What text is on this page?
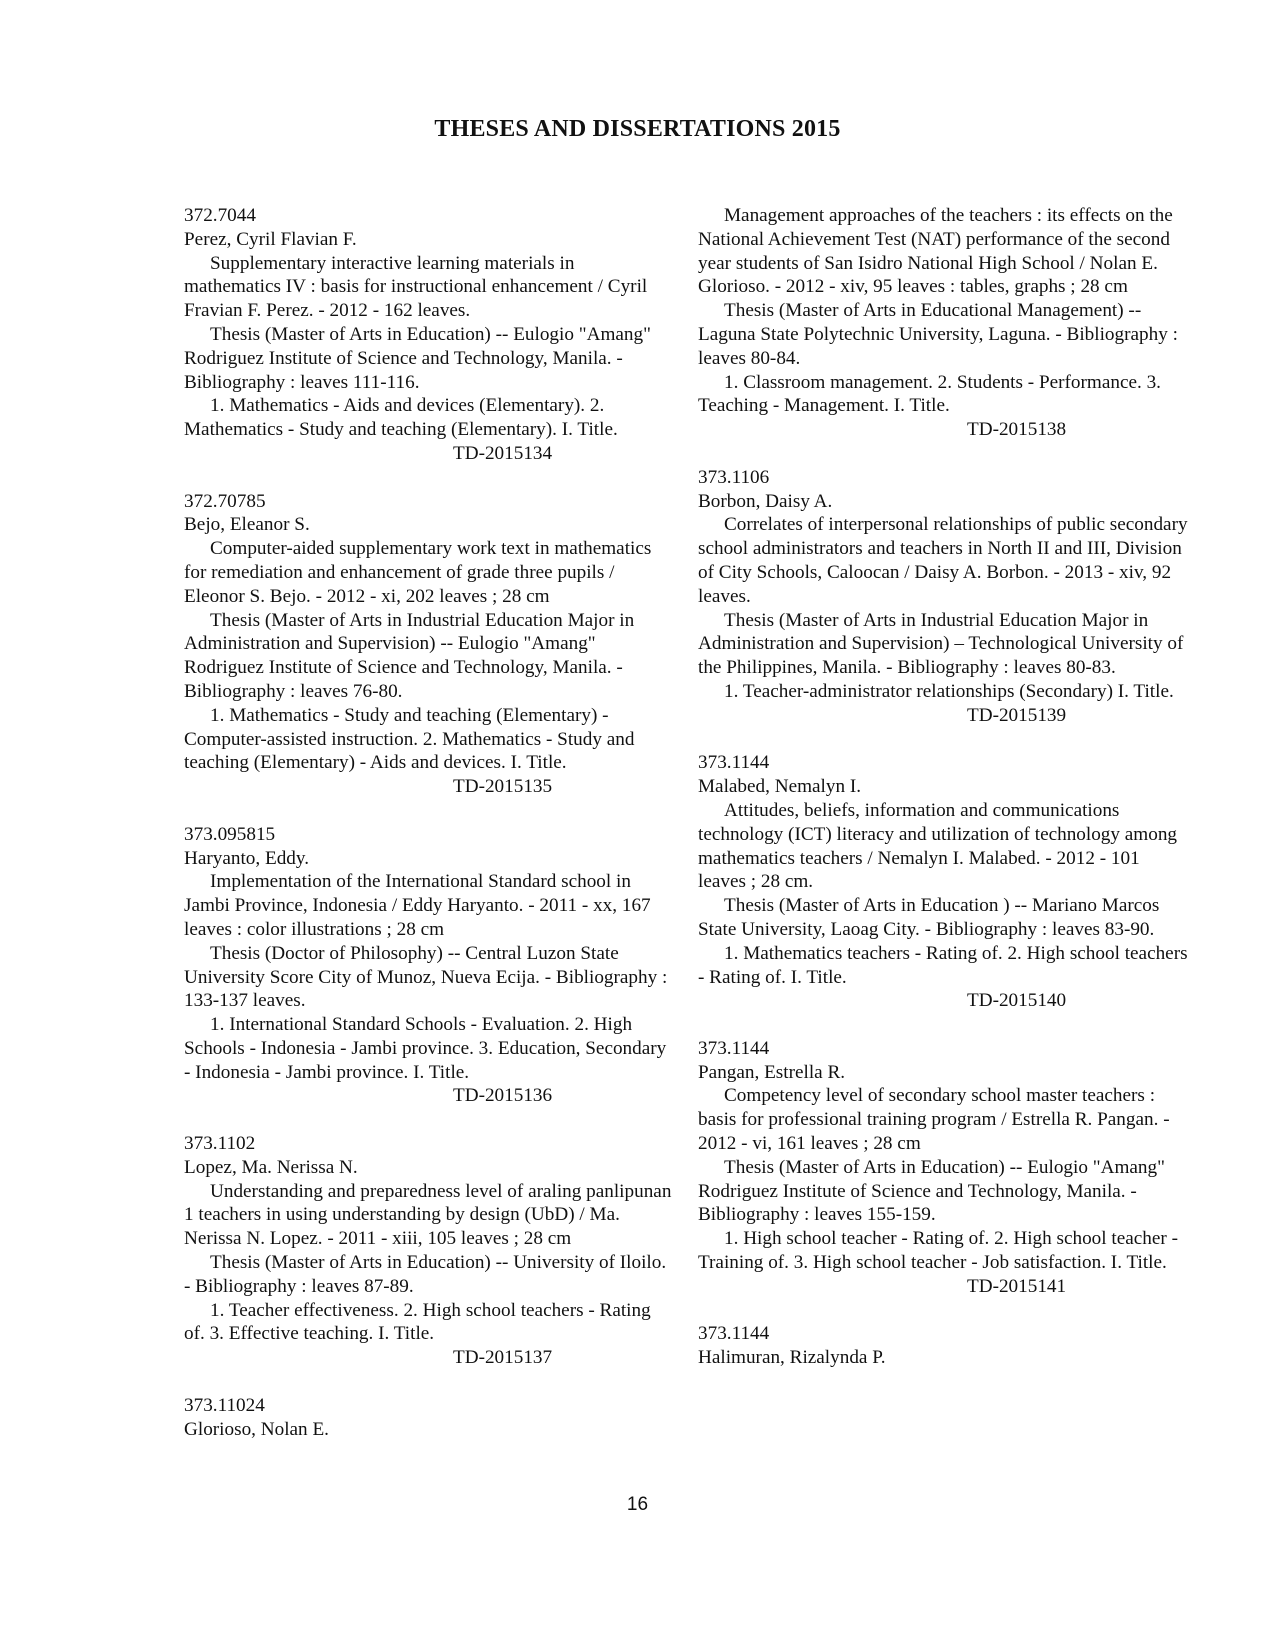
THESES AND DISSERTATIONS 2015

372.7044

Perez, Cyril Flavian F.

Supplementary interactive learning materials in mathematics IV : basis for instructional enhancement / Cyril Fravian F. Perez. - 2012 - 162 leaves.

Thesis (Master of Arts in Education) -- Eulogio "Amang" Rodriguez Institute of Science and Technology, Manila. - Bibliography : leaves 111-116.

1. Mathematics - Aids and devices (Elementary). 2. Mathematics - Study and teaching (Elementary). I. Title.

TD-2015134

372.70785

Bejo, Eleanor S.

Computer-aided supplementary work text in mathematics for remediation and enhancement of grade three pupils / Eleonor S. Bejo. - 2012 - xi, 202 leaves ; 28 cm

Thesis (Master of Arts in Industrial Education Major in Administration and Supervision) -- Eulogio "Amang" Rodriguez Institute of Science and Technology, Manila. - Bibliography : leaves 76-80.

1. Mathematics - Study and teaching (Elementary) - Computer-assisted instruction. 2. Mathematics - Study and teaching (Elementary) - Aids and devices. I. Title.

TD-2015135

373.095815

Haryanto, Eddy.

Implementation of the International Standard school in Jambi Province, Indonesia / Eddy Haryanto. - 2011 - xx, 167 leaves : color illustrations ; 28 cm

Thesis (Doctor of Philosophy) -- Central Luzon State University Score City of Munoz, Nueva Ecija. - Bibliography : 133-137 leaves.

1. International Standard Schools - Evaluation. 2. High Schools - Indonesia - Jambi province. 3. Education, Secondary - Indonesia - Jambi province. I. Title.

TD-2015136

373.1102

Lopez, Ma. Nerissa N.

Understanding and preparedness level of araling panlipunan 1 teachers in using understanding by design (UbD) / Ma. Nerissa N. Lopez. - 2011 - xiii, 105 leaves ; 28 cm

Thesis (Master of Arts in Education) -- University of Iloilo. - Bibliography : leaves 87-89.

1. Teacher effectiveness. 2. High school teachers - Rating of. 3. Effective teaching. I. Title.

TD-2015137

373.11024

Glorioso, Nolan E.

Management approaches of the teachers : its effects on the National Achievement Test (NAT) performance of the second year students of San Isidro National High School / Nolan E. Glorioso. - 2012 - xiv, 95 leaves : tables, graphs ; 28 cm

Thesis (Master of Arts in Educational Management) -- Laguna State Polytechnic University, Laguna. - Bibliography : leaves 80-84.

1. Classroom management. 2. Students - Performance. 3. Teaching - Management. I. Title.

TD-2015138

373.1106

Borbon, Daisy A.

Correlates of interpersonal relationships of public secondary school administrators and teachers in North II and III, Division of City Schools, Caloocan / Daisy A. Borbon. - 2013 - xiv, 92 leaves.

Thesis (Master of Arts in Industrial Education Major in Administration and Supervision) – Technological University of the Philippines, Manila. - Bibliography : leaves 80-83.

1. Teacher-administrator relationships (Secondary) I. Title.

TD-2015139

373.1144

Malabed, Nemalyn I.

Attitudes, beliefs, information and communications technology (ICT) literacy and utilization of technology among mathematics teachers / Nemalyn I. Malabed. - 2012 - 101 leaves ; 28 cm.

Thesis (Master of Arts in Education ) -- Mariano Marcos State University, Laoag City. - Bibliography : leaves 83-90.

1. Mathematics teachers - Rating of. 2. High school teachers - Rating of. I. Title.

TD-2015140

373.1144

Pangan, Estrella R.

Competency level of secondary school master teachers : basis for professional training program / Estrella R. Pangan. - 2012 - vi, 161 leaves ; 28 cm

Thesis (Master of Arts in Education) -- Eulogio "Amang" Rodriguez Institute of Science and Technology, Manila. - Bibliography : leaves 155-159.

1. High school teacher - Rating of. 2. High school teacher - Training of. 3. High school teacher - Job satisfaction. I. Title.

TD-2015141

373.1144

Halimuran, Rizalynda P.

16
